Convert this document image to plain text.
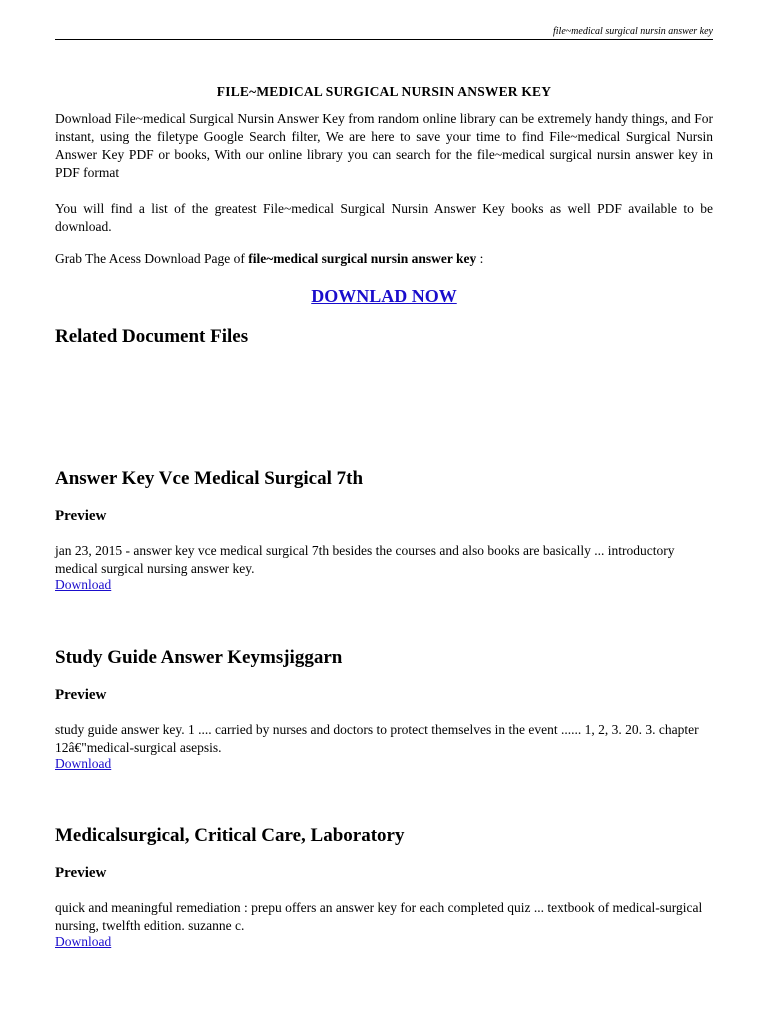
file~medical surgical nursin answer key
FILE~MEDICAL SURGICAL NURSIN ANSWER KEY
Download File~medical Surgical Nursin Answer Key from random online library can be extremely handy things, and For instant, using the filetype Google Search filter, We are here to save your time to find File~medical Surgical Nursin Answer Key PDF or books, With our online library you can search for the file~medical surgical nursin answer key in PDF format
You will find a list of the greatest File~medical Surgical Nursin Answer Key books as well PDF available to be download.
Grab The Acess Download Page of file~medical surgical nursin answer key :
DOWNLAD NOW
Related Document Files
Answer Key Vce Medical Surgical 7th
Preview
jan 23, 2015 - answer key vce medical surgical 7th besides the courses and also books are basically ... introductory medical surgical nursing answer key.
Download
Study Guide Answer Keymsjiggarn
Preview
study guide answer key. 1 .... carried by nurses and doctors to protect themselves in the event ...... 1, 2, 3. 20. 3. chapter 12â€"medical-surgical asepsis.
Download
Medicalsurgical, Critical Care, Laboratory
Preview
quick and meaningful remediation : prepu offers an answer key for each completed quiz ... textbook of medical-surgical nursing, twelfth edition. suzanne c.
Download
